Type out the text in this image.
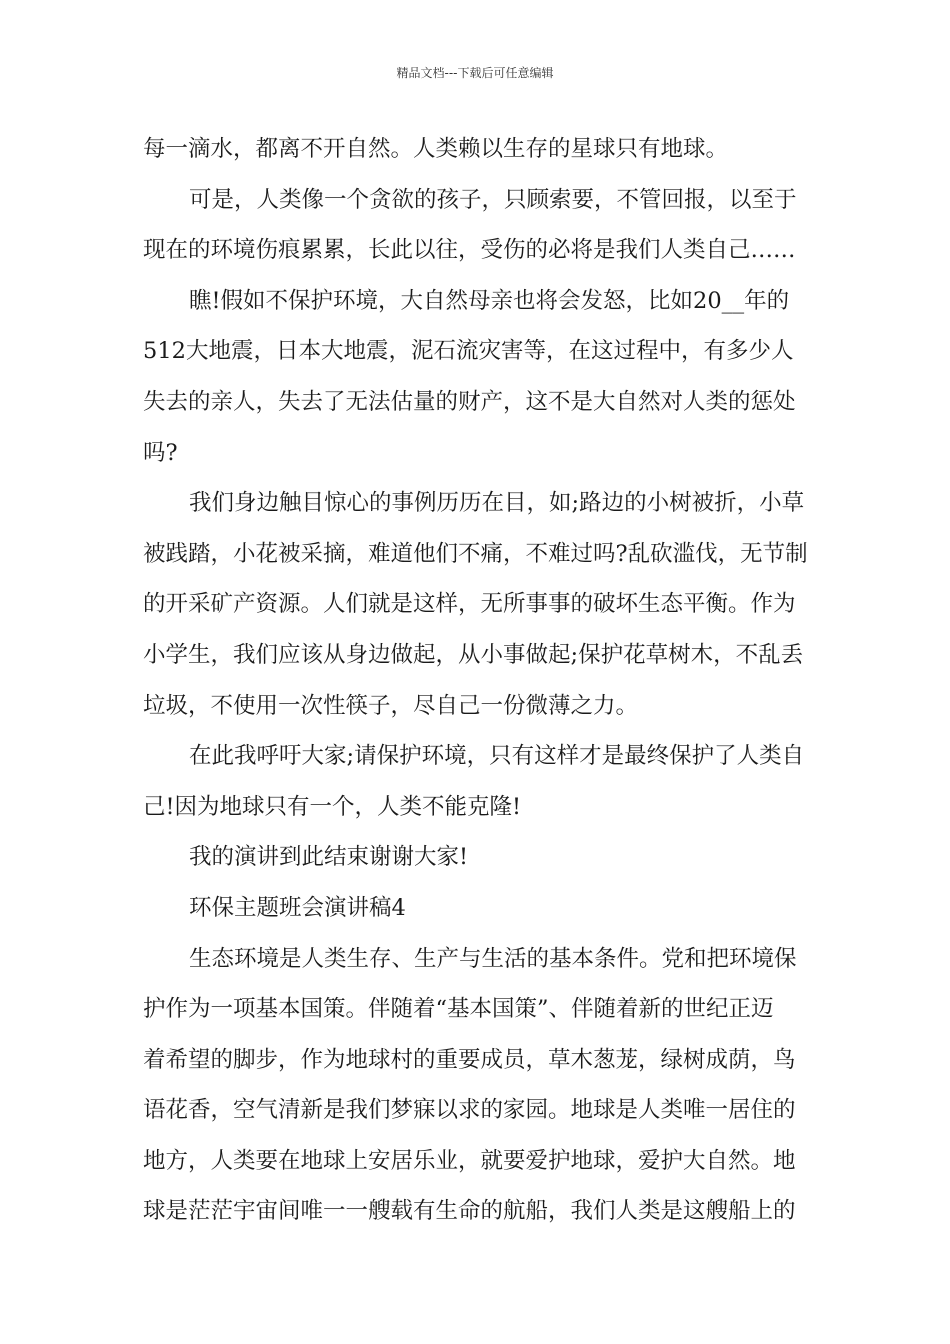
精品文档---下载后可任意编辑
每一滴水，都离不开自然。人类赖以生存的星球只有地球。
可是，人类像一个贪欲的孩子，只顾索要，不管回报，以至于
现在的环境伤痕累累，长此以往，受伤的必将是我们人类自己……
瞧!假如不保护环境，大自然母亲也将会发怒，比如20__年的
512大地震，日本大地震，泥石流灾害等，在这过程中，有多少人
失去的亲人，失去了无法估量的财产，这不是大自然对人类的惩处
吗?
我们身边触目惊心的事例历历在目，如;路边的小树被折，小草
被践踏，小花被采摘，难道他们不痛，不难过吗?乱砍滥伐，无节制
的开采矿产资源。人们就是这样，无所事事的破坏生态平衡。作为
小学生，我们应该从身边做起，从小事做起;保护花草树木，不乱丢
垃圾，不使用一次性筷子，尽自己一份微薄之力。
在此我呼吁大家;请保护环境，只有这样才是最终保护了人类自
己!因为地球只有一个，人类不能克隆!
我的演讲到此结束谢谢大家!
环保主题班会演讲稿4
生态环境是人类生存、生产与生活的基本条件。党和把环境保
护作为一项基本国策。伴随着“基本国策”、伴随着新的世纪正迈
着希望的脚步，作为地球村的重要成员，草木葱茏，绿树成荫，鸟
语花香，空气清新是我们梦寐以求的家园。地球是人类唯一居住的
地方，人类要在地球上安居乐业，就要爱护地球，爱护大自然。地
球是茫茫宇宙间唯一一艘载有生命的航船，我们人类是这艘船上的
